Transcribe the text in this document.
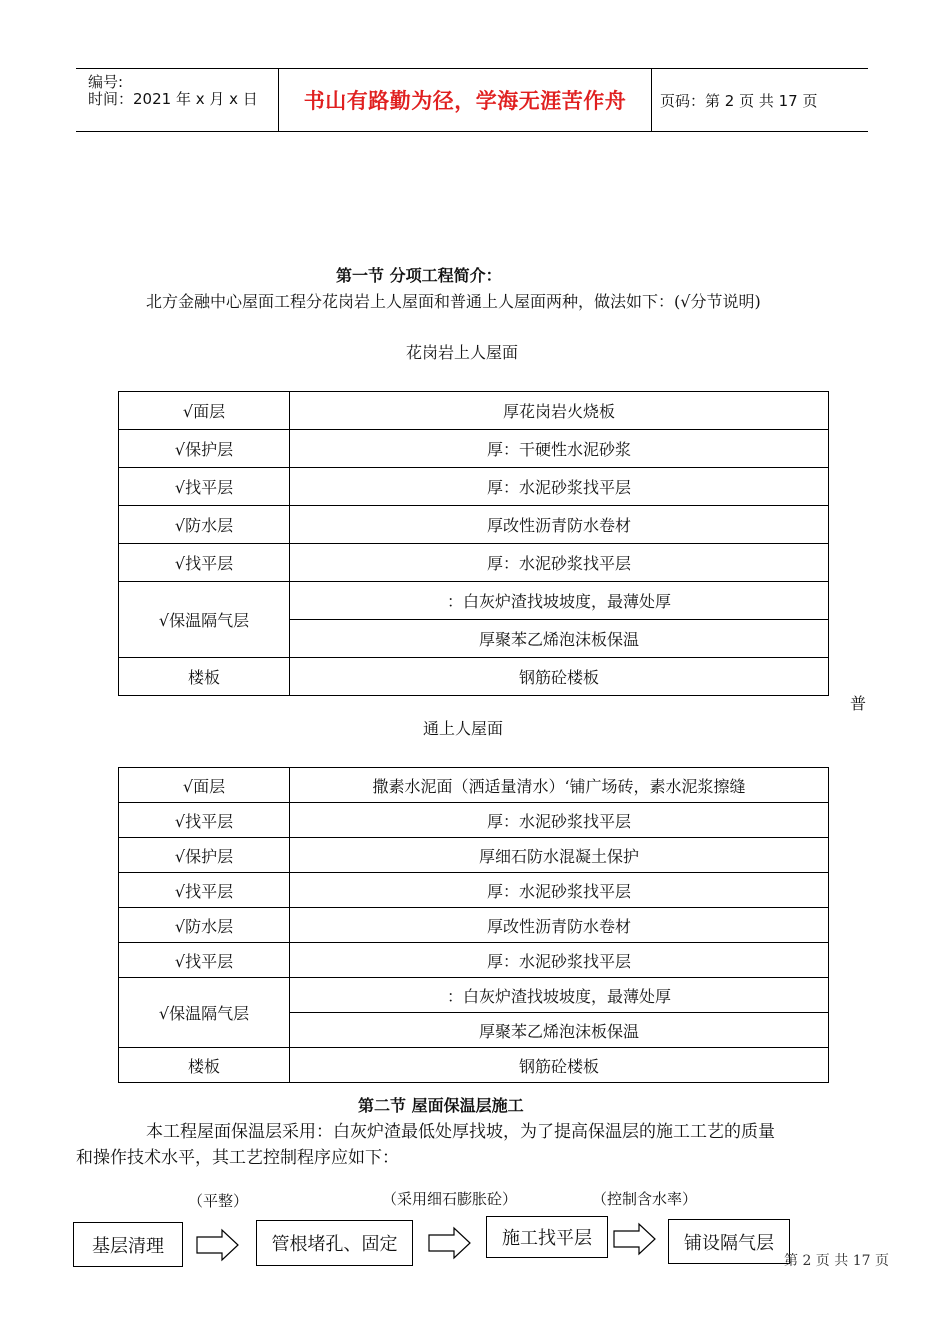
编号:
时间：2021 年 x 月 x 日 书山有路勤为径，学海无涯苦作舟 页码：第 2 页 共 17 页
第一节 分项工程简介：
北方金融中心屋面工程分花岗岩上人屋面和普通上人屋面两种，做法如下：(√分节说明)
花岗岩上人屋面
√面层	厚花岗岩火烧板
√保护层	厚：干硬性水泥砂浆
√找平层	厚：水泥砂浆找平层
√防水层	厚改性沥青防水卷材
√找平层	厚：水泥砂浆找平层
√保温隔气层	：白灰炉渣找坡坡度，最薄处厚
	厚聚苯乙烯泡沫板保温
楼板	钢筋砼楼板
普
通上人屋面
√面层	撒素水泥面（洒适量清水）‘铺广场砖，素水泥浆擦缝
√找平层	厚：水泥砂浆找平层
√保护层	厚细石防水混凝土保护
√找平层	厚：水泥砂浆找平层
√防水层	厚改性沥青防水卷材
√找平层	厚：水泥砂浆找平层
√保温隔气层	：白灰炉渣找坡坡度，最薄处厚
	厚聚苯乙烯泡沫板保温
楼板	钢筋砼楼板
第二节 屋面保温层施工
本工程屋面保温层采用：白灰炉渣最低处厚找坡，为了提高保温层的施工工艺的质量
和操作技术水平，其工艺控制程序应如下：
（平整）	（采用细石膨胀砼）	（控制含水率）
基层清理	管根堵孔、固定	施工找平层	铺设隔气层
第 2 页 共 17 页
